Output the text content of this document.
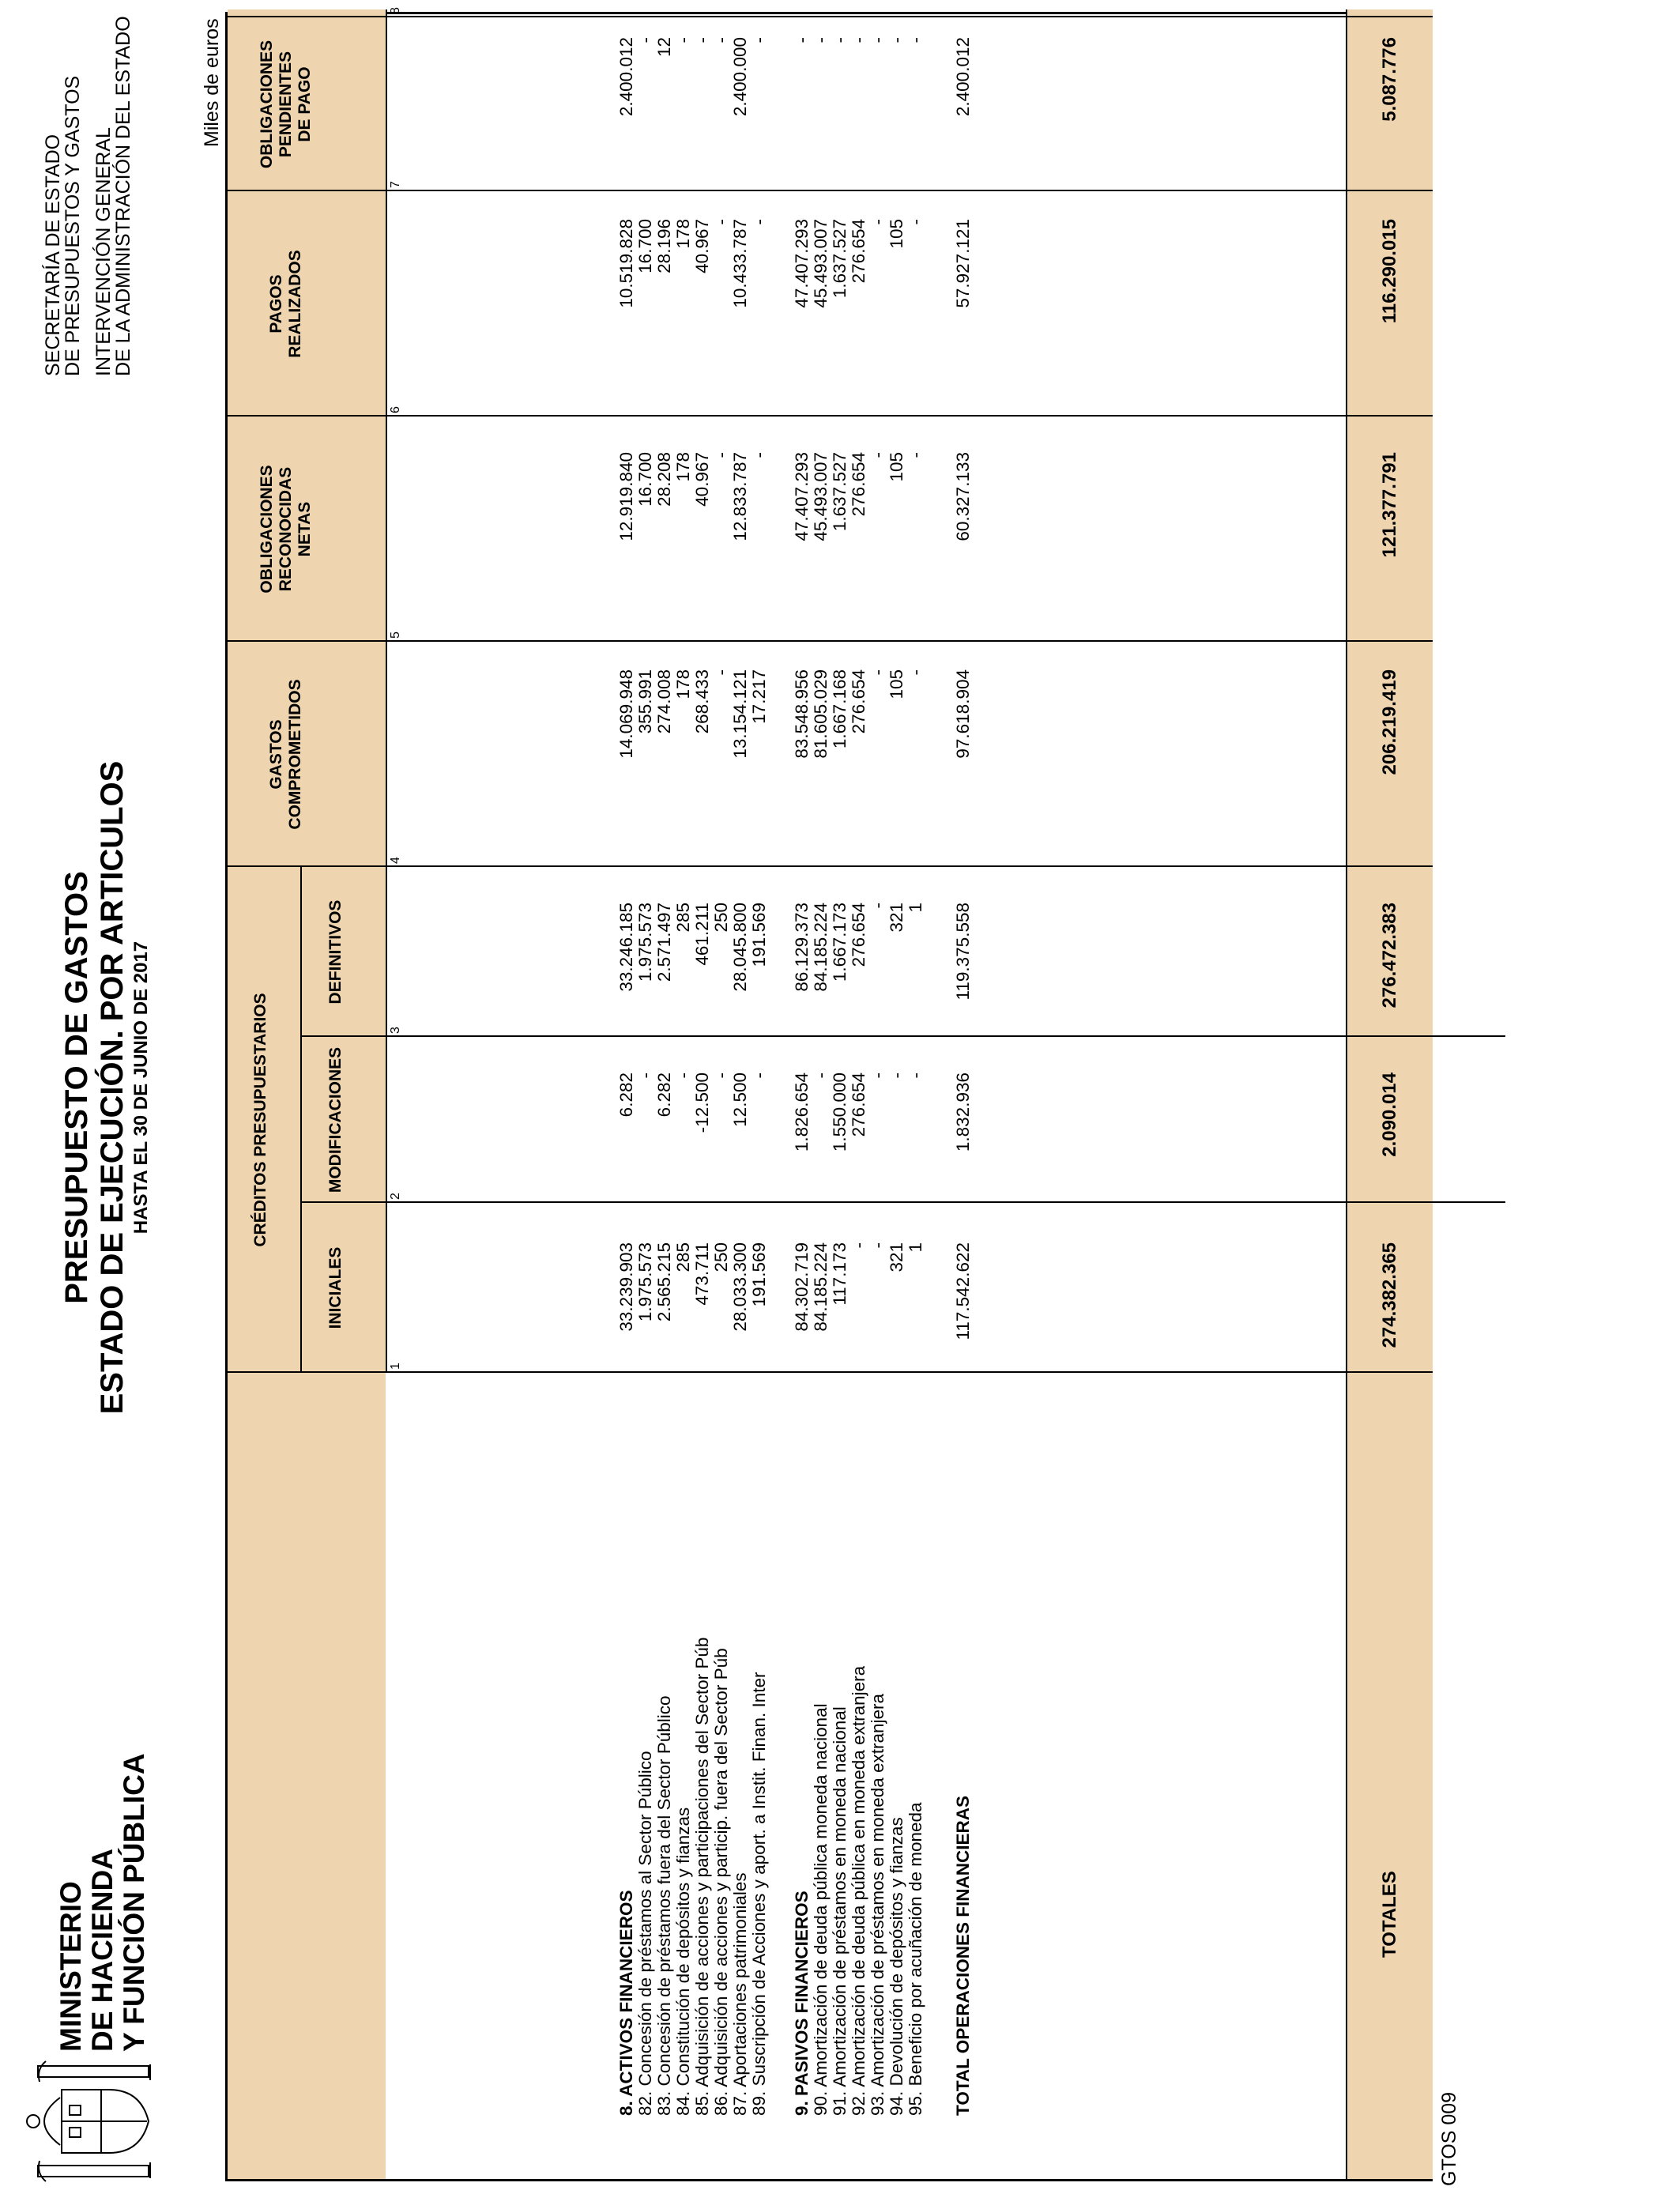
MINISTERIO DE HACIENDA Y FUNCIÓN PÚBLICA
PRESUPUESTO DE GASTOS ESTADO DE EJECUCIÓN. POR ARTICULOS HASTA EL 30 DE JUNIO DE 2017
SECRETARÍA DE ESTADO
DE PRESUPUESTOS Y GASTOS INTERVENCIÓN GENERAL
DE LA ADMINISTRACIÓN DEL ESTADO	Miles de euros
CRÉDITOS PRESUPUESTARIOS
INICIALES
1
MODIFICACIONES
2
DEFINITIVOS
3
GASTOS COMPROMETIDOS
4
OBLIGACIONES RECONOCIDAS NETAS
5
PAGOS REALIZADOS
6
OBLIGACIONES PENDIENTES DE PAGO
7
8
8. ACTIVOS FINANCIEROS
33.239.903
6.282
33.246.185
14.069.948
12.919.840
10.519.828
2.400.012
82. Concesión de préstamos al Sector Público
1.975.573
-
1.975.573
355.991
16.700
16.700
-
83. Concesión de préstamos fuera del Sector Público
2.565.215
6.282
2.571.497
274.008
28.208
28.196
12
84. Constitución de depósitos y fianzas
285
-
285
178
178
178
-
85. Adquisición de acciones y participaciones del Sector Púb
473.711
-12.500
461.211
268.433
40.967
40.967
-
86. Adquisición de acciones y particip. fuera del Sector Púb
250
-
250
-
-
-
-
87. Aportaciones patrimoniales
28.033.300
12.500
28.045.800
13.154.121
12.833.787
10.433.787
2.400.000
89. Suscripción de Acciones y aport. a Instit. Finan. Inter
191.569
-
191.569
17.217
-
-
-
9. PASIVOS FINANCIEROS
84.302.719
1.826.654
86.129.373
83.548.956
47.407.293
47.407.293
-
90. Amortización de deuda pública moneda nacional
84.185.224
-
84.185.224
81.605.029
45.493.007
45.493.007
-
91. Amortización de préstamos en moneda nacional
117.173
1.550.000
1.667.173
1.667.168
1.637.527
1.637.527
-
92. Amortización de deuda pública en moneda extranjera
-
276.654
276.654
276.654
276.654
276.654
-
93. Amortización de préstamos en moneda extranjera
-
-
-
-
-
-
-
94. Devolución de depósitos y fianzas
321
-
321
105
105
105
-
95. Beneficio por acuñación de moneda
1
-
1
-
-
-
-
TOTAL OPERACIONES FINANCIERAS
117.542.622
1.832.936
119.375.558
97.618.904
60.327.133
57.927.121
2.400.012
TOTALES
274.382.365
2.090.014
276.472.383
206.219.419
121.377.791
116.290.015
5.087.776
GTOS 009
